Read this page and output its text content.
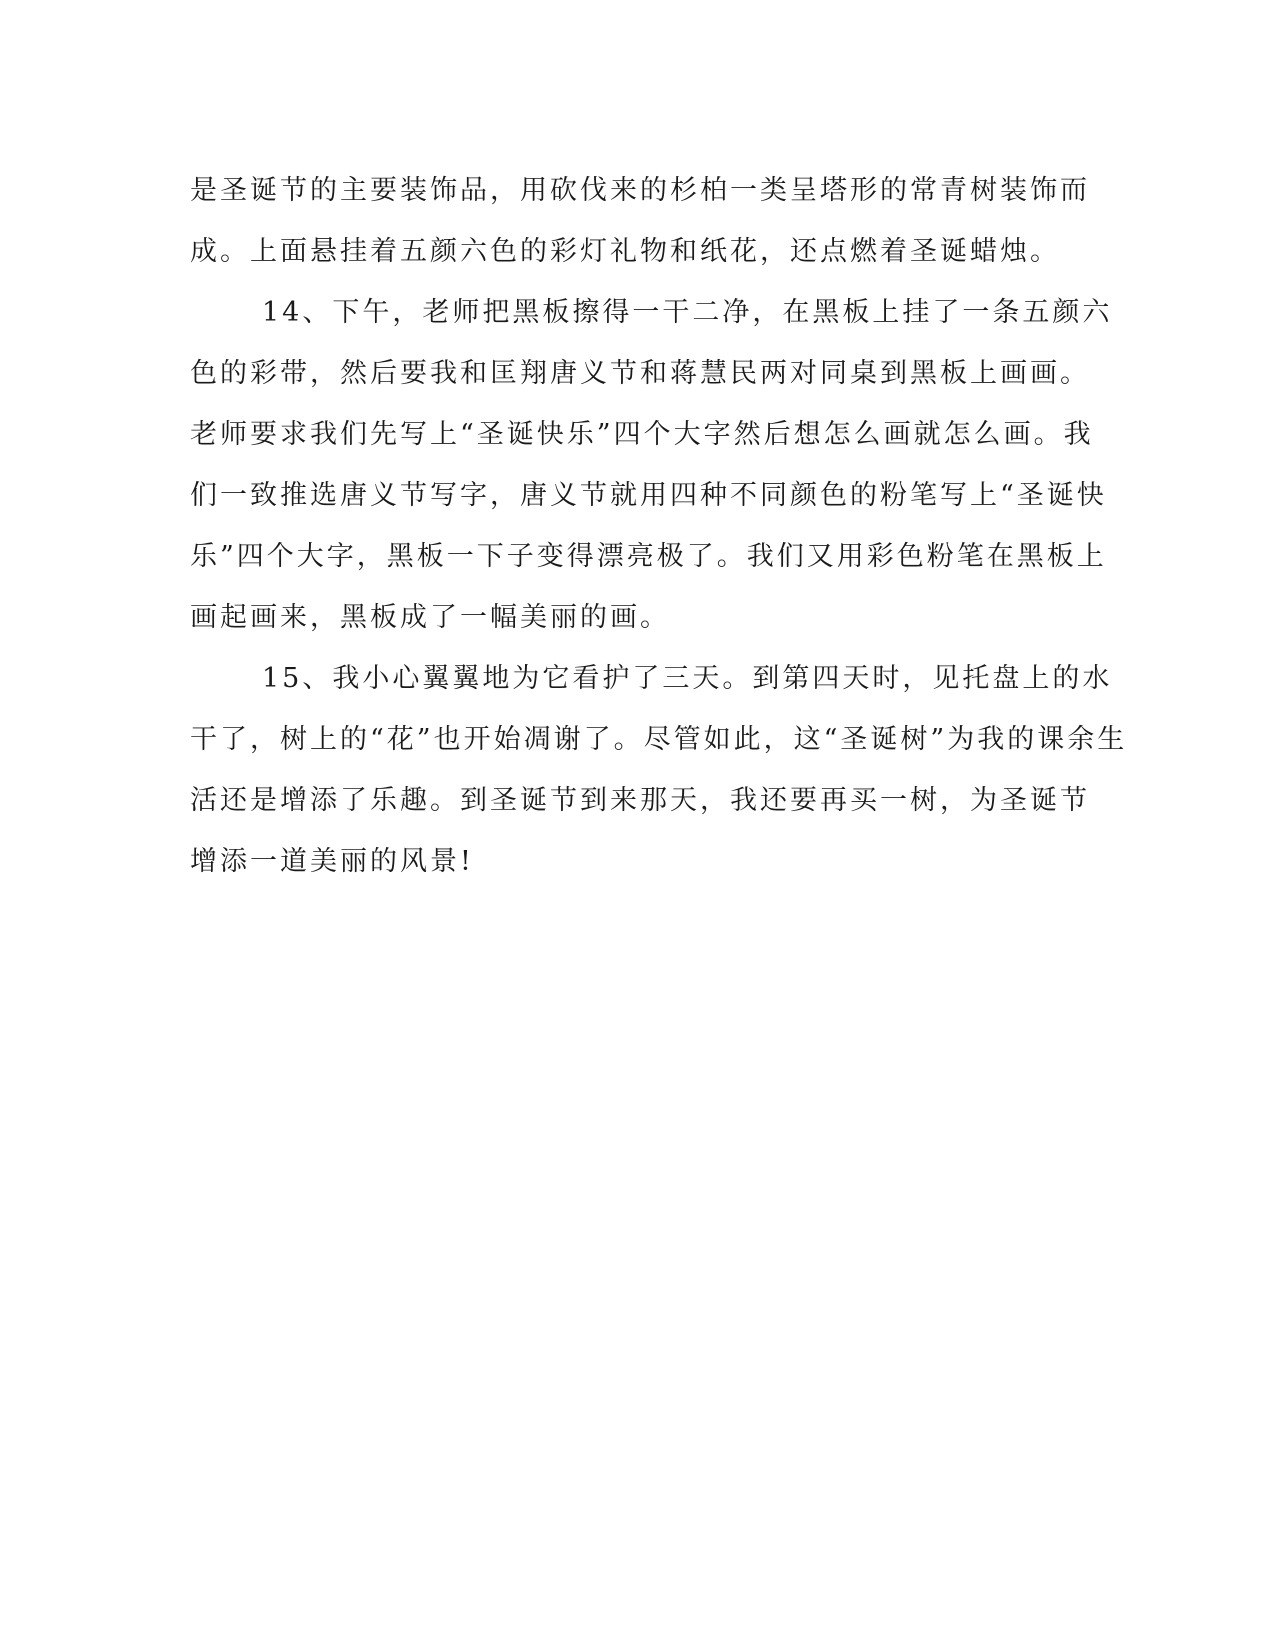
是圣诞节的主要装饰品，用砍伐来的杉柏一类呈塔形的常青树装饰而
成。上面悬挂着五颜六色的彩灯礼物和纸花，还点燃着圣诞蜡烛。
14、下午，老师把黑板擦得一干二净，在黑板上挂了一条五颜六
色的彩带，然后要我和匡翔唐义节和蒋慧民两对同桌到黑板上画画。
老师要求我们先写上“圣诞快乐”四个大字然后想怎么画就怎么画。我
们一致推选唐义节写字，唐义节就用四种不同颜色的粉笔写上“圣诞快
乐”四个大字，黑板一下子变得漂亮极了。我们又用彩色粉笔在黑板上
画起画来，黑板成了一幅美丽的画。
15、我小心翼翼地为它看护了三天。到第四天时，见托盘上的水
干了，树上的“花”也开始凋谢了。尽管如此，这“圣诞树”为我的课余生
活还是增添了乐趣。到圣诞节到来那天，我还要再买一树，为圣诞节
增添一道美丽的风景!
